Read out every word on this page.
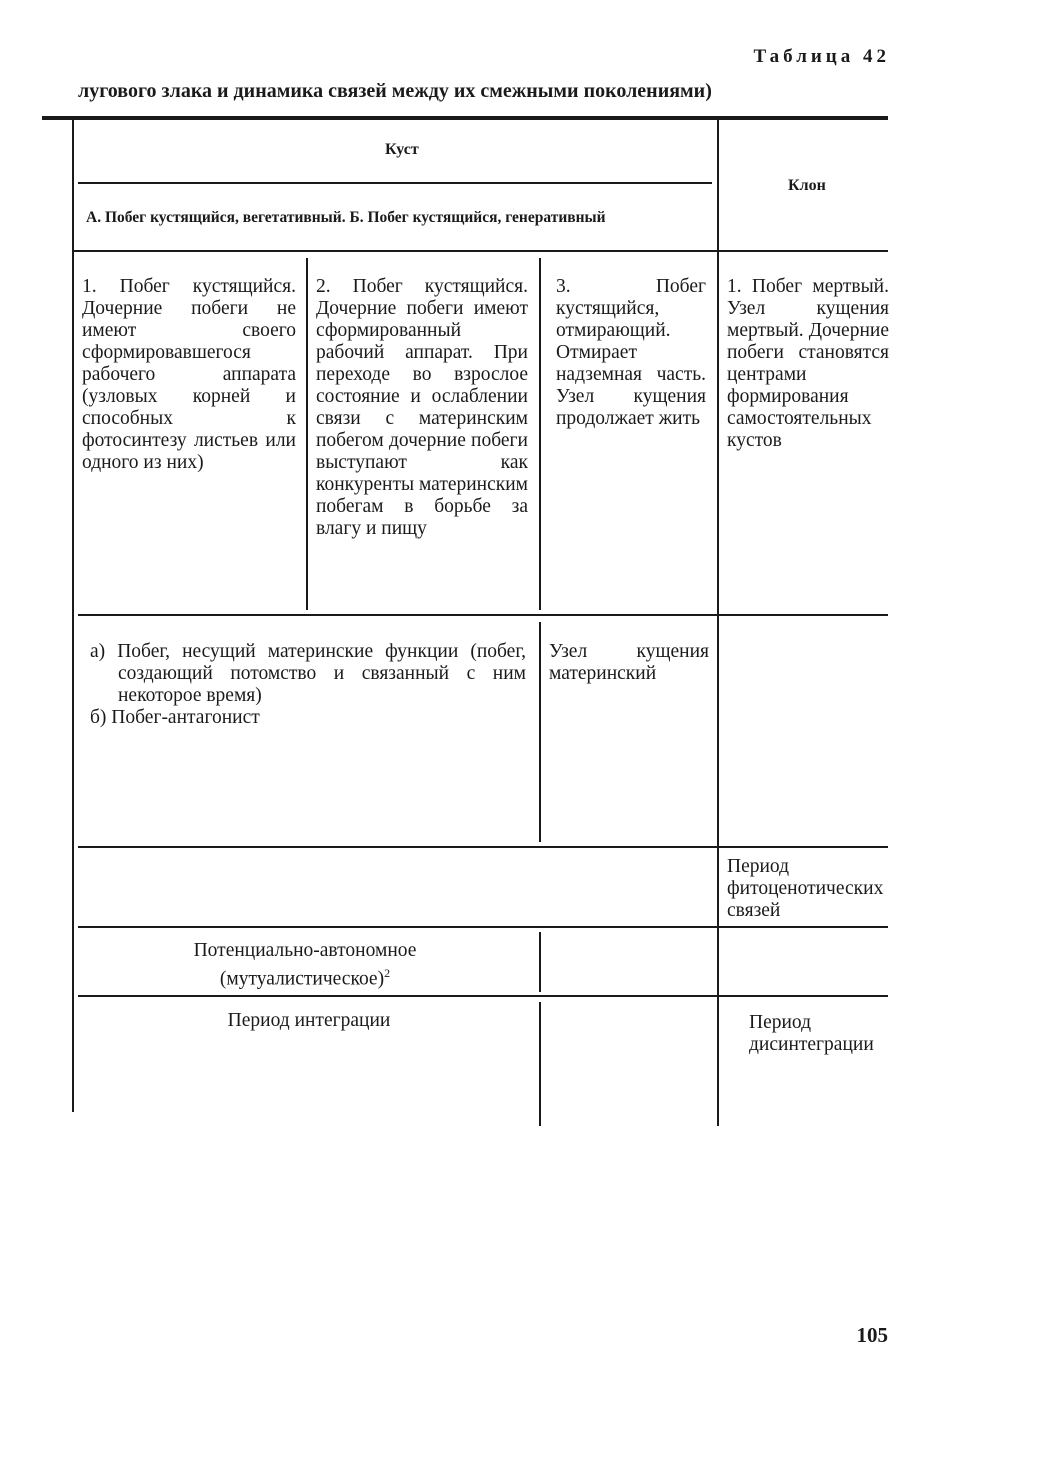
Таблица 42
лугового злака и динамика связей между их смежными поколениями)
Куст
Клон
А. Побег кустящийся, вегетативный. Б. Побег кустящийся, генеративный

1. Побег кустящийся. Дочерние побеги не имеют своего сформировавшегося рабочего аппарата (узловых корней и способных к фотосинтезу листьев или одного из них)

2. Побег кустящийся. Дочерние побеги имеют сформированный рабочий аппарат. При переходе во взрослое состояние и ослаблении связи с материнским побегом дочерние побеги выступают как конкуренты материнским побегам в борьбе за влагу и пищу

3. Побег кустящийся, отмирающий. Отмирает надземная часть. Узел кущения продолжает жить

1. Побег мертвый. Узел кущения мертвый. Дочерние побеги становятся центрами формирования самостоятельных кустов

а) Побег, несущий материнские функции (побег, создающий потомство и связанный с ним некоторое время)

б) Побег-антагонист

Узел кущения материнский

Период фитоценотических связей

Потенциально-автономное
(мутуалистическое)$^2$

Период интеграции	Период дисинтеграции

105
